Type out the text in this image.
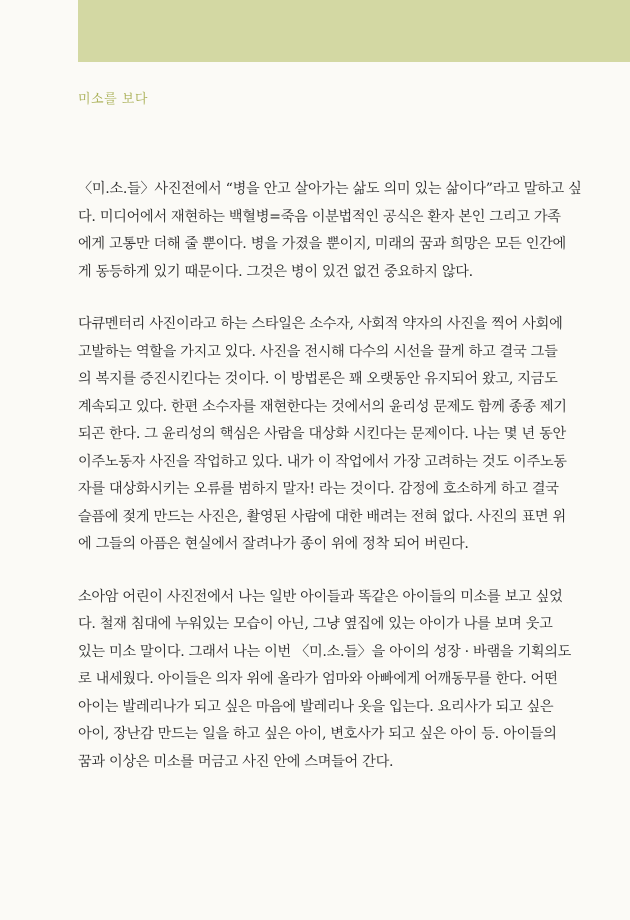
미소를 보다

〈미.소.들〉사진전에서 “병을 안고 살아가는 삶도 의미 있는 삶이다”라고 말하고 싶
다. 미디어에서 재현하는 백혈병=죽음 이분법적인 공식은 환자 본인 그리고 가족
에게 고통만 더해 줄 뿐이다. 병을 가졌을 뿐이지, 미래의 꿈과 희망은 모든 인간에
게 동등하게 있기 때문이다. 그것은 병이 있건 없건 중요하지 않다.

다큐멘터리 사진이라고 하는 스타일은 소수자, 사회적 약자의 사진을 찍어 사회에
고발하는 역할을 가지고 있다. 사진을 전시해 다수의 시선을 끌게 하고 결국 그들
의 복지를 증진시킨다는 것이다. 이 방법론은 꽤 오랫동안 유지되어 왔고, 지금도
계속되고 있다. 한편 소수자를 재현한다는 것에서의 윤리성 문제도 함께 종종 제기
되곤 한다. 그 윤리성의 핵심은 사람을 대상화 시킨다는 문제이다. 나는 몇 년 동안
이주노동자 사진을 작업하고 있다. 내가 이 작업에서 가장 고려하는 것도 이주노동
자를 대상화시키는 오류를 범하지 말자! 라는 것이다. 감정에 호소하게 하고 결국
슬픔에 젖게 만드는 사진은, 촬영된 사람에 대한 배려는 전혀 없다. 사진의 표면 위
에 그들의 아픔은 현실에서 잘려나가 종이 위에 정착 되어 버린다.

소아암 어린이 사진전에서 나는 일반 아이들과 똑같은 아이들의 미소를 보고 싶었
다. 철재 침대에 누워있는 모습이 아닌, 그냥 옆집에 있는 아이가 나를 보며 웃고
있는 미소 말이다. 그래서 나는 이번 〈미.소.들〉을 아이의 성장 · 바램을 기획의도
로 내세웠다. 아이들은 의자 위에 올라가 엄마와 아빠에게 어깨동무를 한다. 어떤
아이는 발레리나가 되고 싶은 마음에 발레리나 옷을 입는다. 요리사가 되고 싶은
아이, 장난감 만드는 일을 하고 싶은 아이, 변호사가 되고 싶은 아이 등. 아이들의
꿈과 이상은 미소를 머금고 사진 안에 스며들어 간다.
